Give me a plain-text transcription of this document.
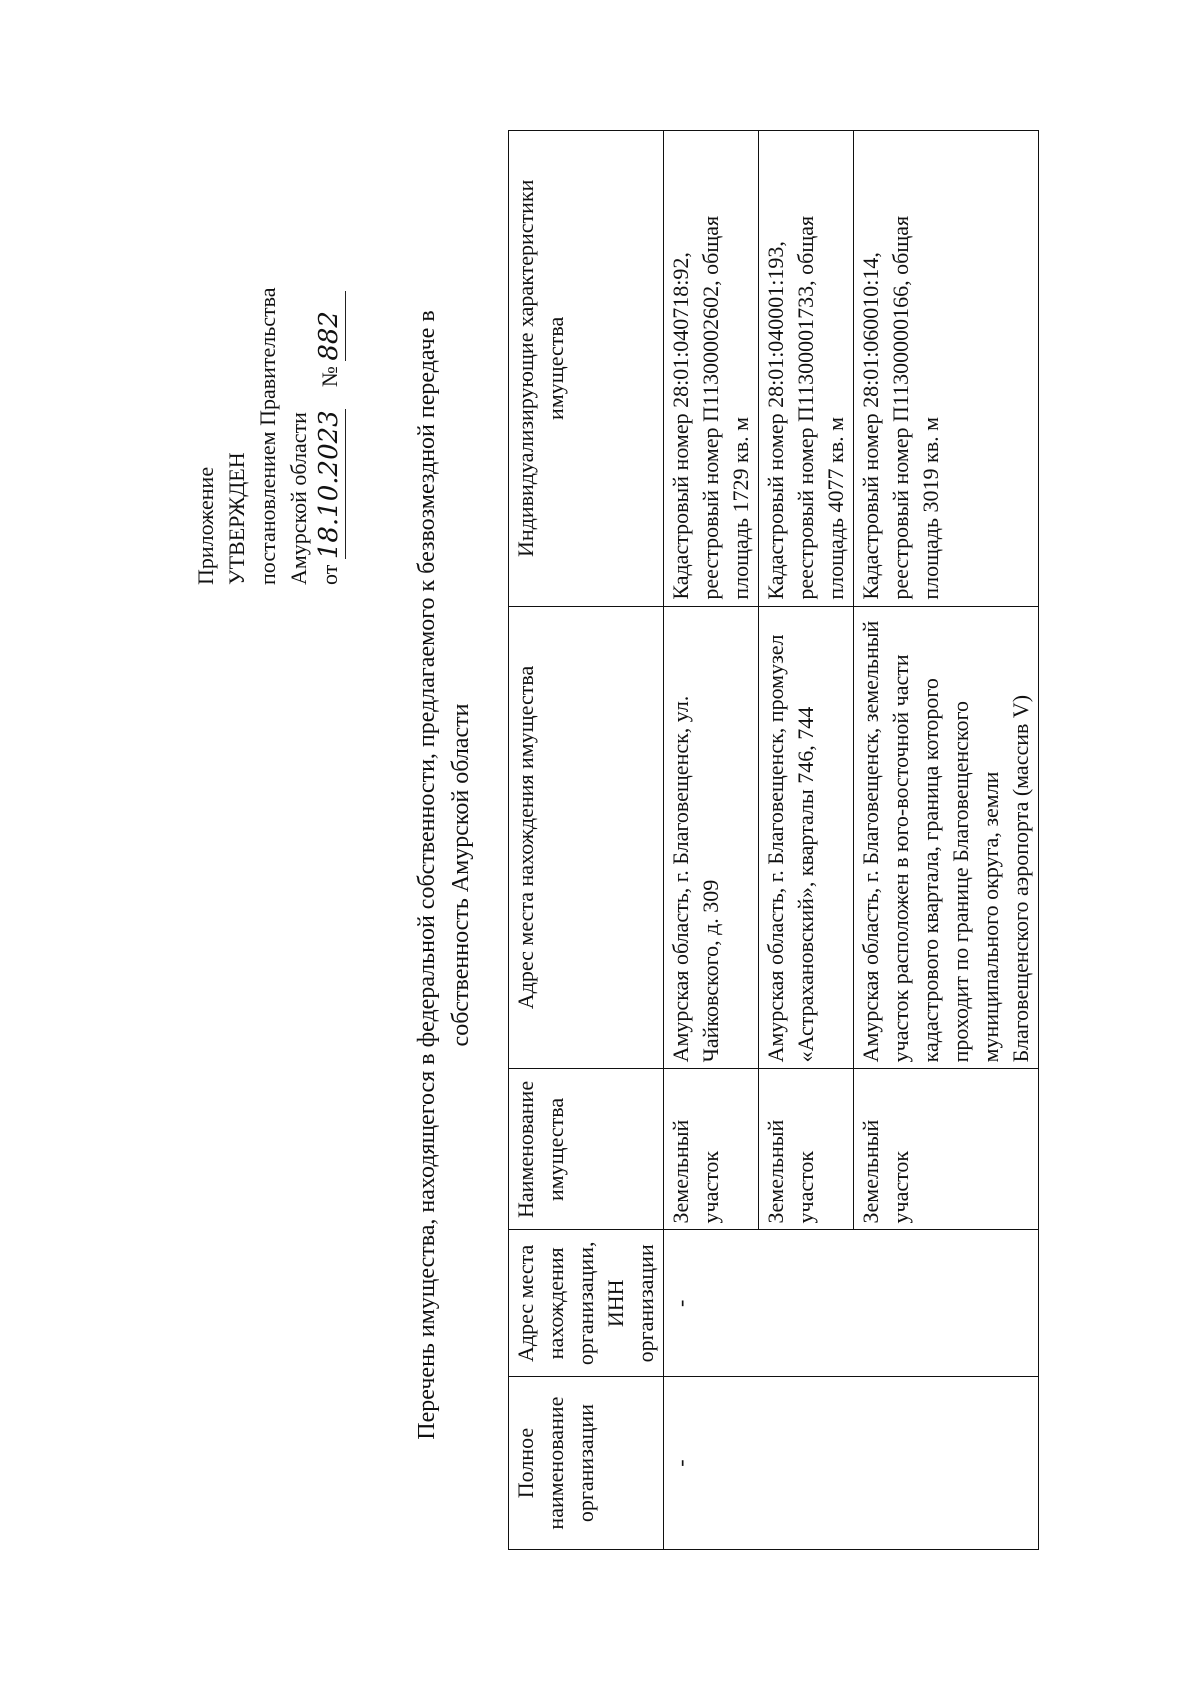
Приложение УТВЕРЖДЕН постановлением Правительства Амурской области от 18.10.2023    № 882	Перечень имущества, находящегося в федеральной собственности, предлагаемого к безвозмездной передаче в собственность Амурской области
Полное наименование организации	Адрес места нахождения организации, ИНН организации	Наименование имущества	Адрес места нахождения имущества	Индивидуализирующие характеристики имущества
-	-	Земельный участок	Амурская область, г. Благовещенск, ул. Чайковского, д. 309	Кадастровый номер 28:01:040718:92, реестровый номер П11300002602, общая площадь 1729 кв. м
		Земельный участок	Амурская область, г. Благовещенск, промузел «Астрахановский», кварталы 746, 744	Кадастровый номер 28:01:040001:193, реестровый номер П11300001733, общая площадь 4077 кв. м
		Земельный участок	Амурская область, г. Благовещенск, земельный участок расположен в юго-восточной части кадастрового квартала, граница которого проходит по границе Благовещенского муниципального округа, земли Благовещенского аэропорта (массив V)	Кадастровый номер 28:01:060010:14, реестровый номер П11300000166, общая площадь 3019 кв. м
